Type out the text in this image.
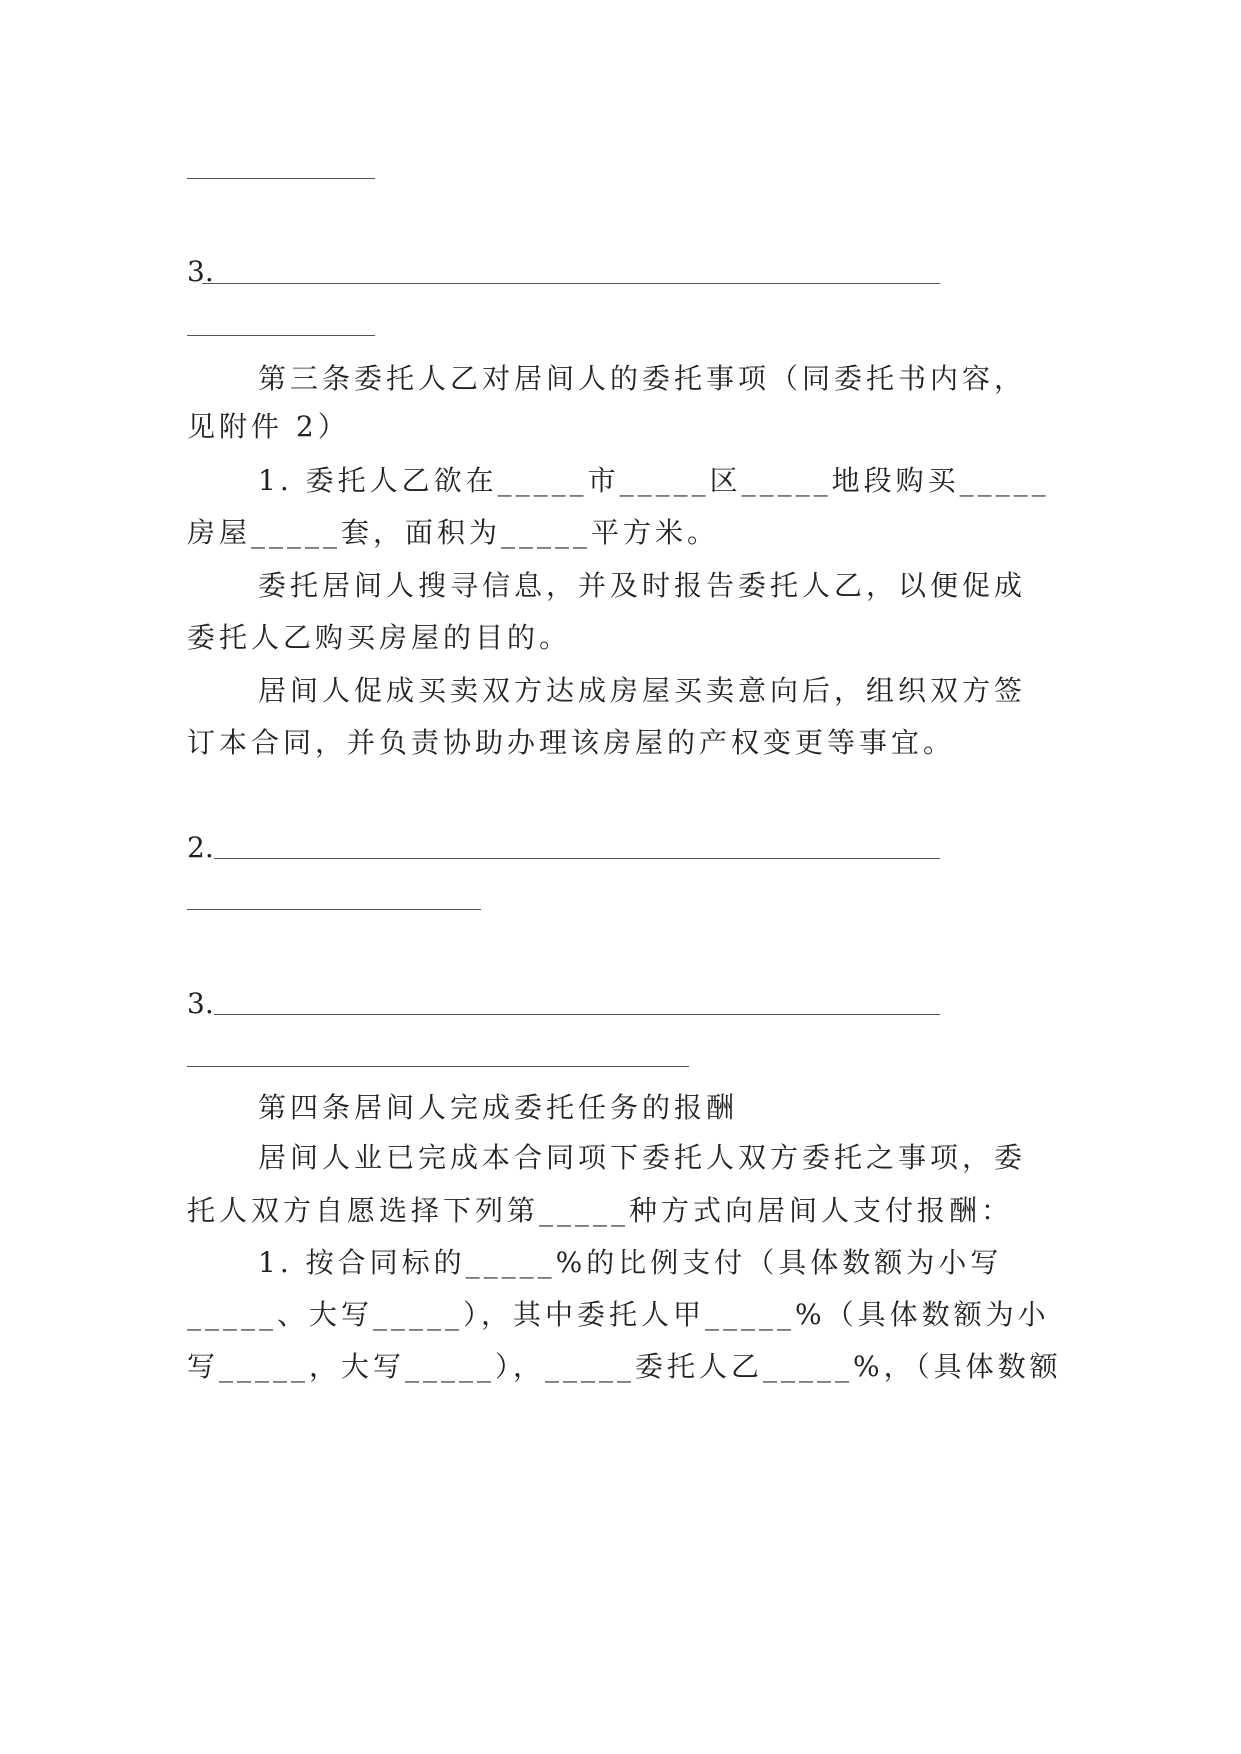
3.
第三条委托人乙对居间人的委托事项（同委托书内容，
见附件 2）
1. 委托人乙欲在_____市_____区_____地段购买_____
房屋_____套，面积为_____平方米。
委托居间人搜寻信息，并及时报告委托人乙，以便促成
委托人乙购买房屋的目的。
居间人促成买卖双方达成房屋买卖意向后，组织双方签
订本合同，并负责协助办理该房屋的产权变更等事宜。
2.
3.
第四条居间人完成委托任务的报酬
居间人业已完成本合同项下委托人双方委托之事项，委
托人双方自愿选择下列第_____种方式向居间人支付报酬：
1. 按合同标的_____%的比例支付（具体数额为小写
_____、大写_____），其中委托人甲_____%（具体数额为小
写_____，大写_____），_____委托人乙_____%，（具体数额
